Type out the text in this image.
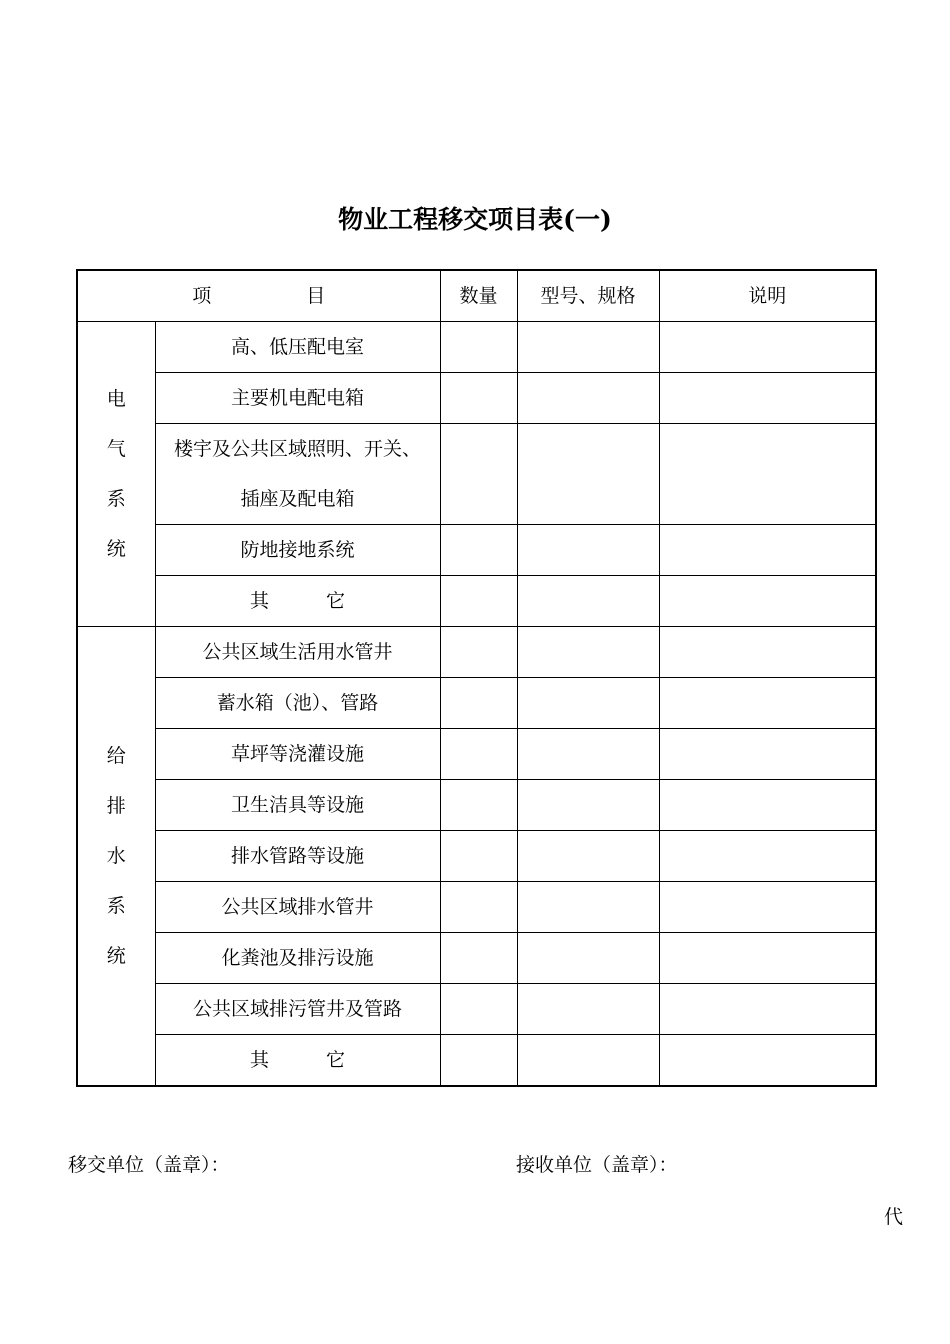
物业工程移交项目表(一)
项　　　　　目		数量	型号、规格	说明
电气系统	高、低压配电室			
	主要机电配电箱			
	楼宇及公共区域照明、开关、插座及配电箱			

	防地接地系统			
	其　　　它			
给排水系统	公共区域生活用水管井			
	蓄水箱（池）、管路			
	草坪等浇灌设施			
	卫生洁具等设施			
	排水管路等设施			
	公共区域排水管井			
	化粪池及排污设施			
	公共区域排污管井及管路			
	其　　　它			
移交单位（盖章）：	接收单位（盖章）：
代
